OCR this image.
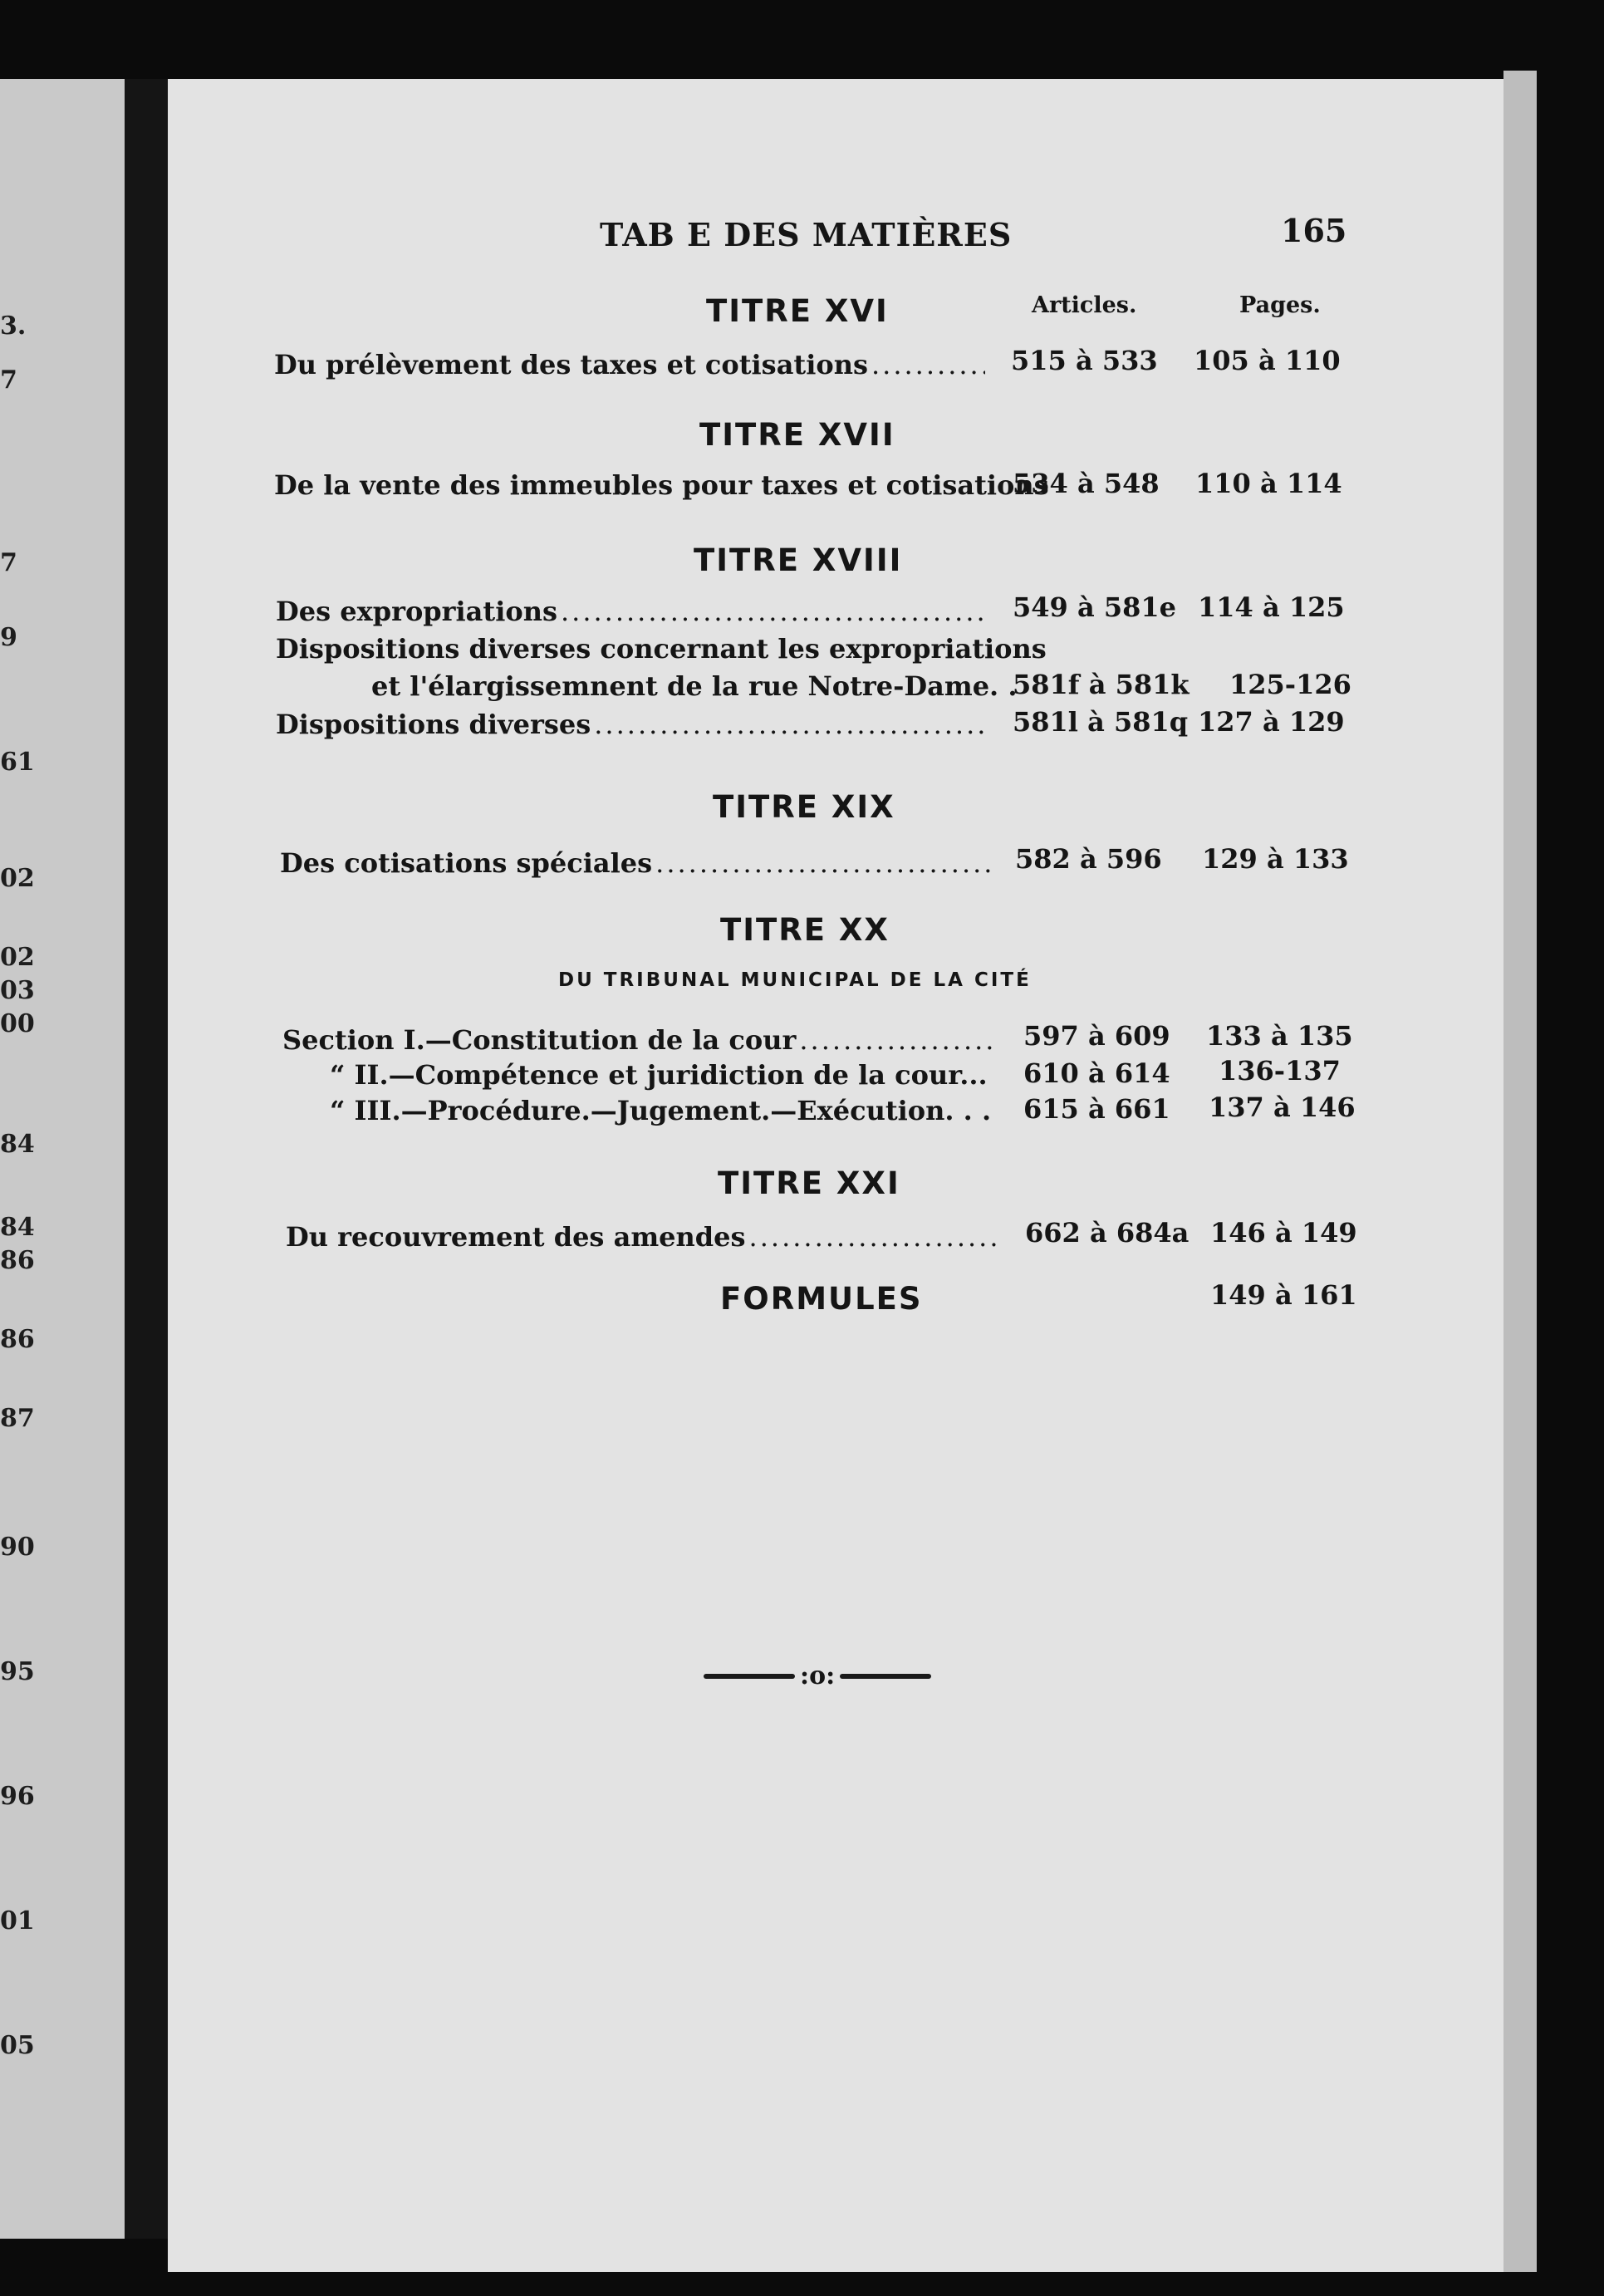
3.
7
7
9
61
02
02
03
00
84
84
86
86
87
90
95
96
01
05
TAB E DES MATIÈRES	165
TITRE XVI	Articles.	Pages.
Du prélèvement des taxes et cotisations .....	515 à 533 105 à 110
TITRE XVII
De la vente des immeubles pour taxes et cotisations
534 à 548 110 à 114
TITRE XVIII
Des expropriations .....	549 à 581e 114 à 125
Dispositions diverses concernant les expropriations
et l'élargissemnent de la rue Notre-Dame. .
581f à 581k 125-126
Dispositions diverses .....	581l à 581q 127 à 129
TITRE XIX
Des cotisations spéciales .....	582 à 596 129 à 133
TITRE XX
DU TRIBUNAL MUNICIPAL DE LA CITÉ
Section I.—Constitution de la cour .....	597 à 609 133 à 135
“ II.—Compétence et juridiction de la cour... 610 à 614 136-137
“ III.—Procédure.—Jugement.—Exécution. . . 615 à 661 137 à 146
TITRE XXI
Du recouvrement des amendes .....	662 à 684a 146 à 149
FORMULES	149 à 161
:o:
